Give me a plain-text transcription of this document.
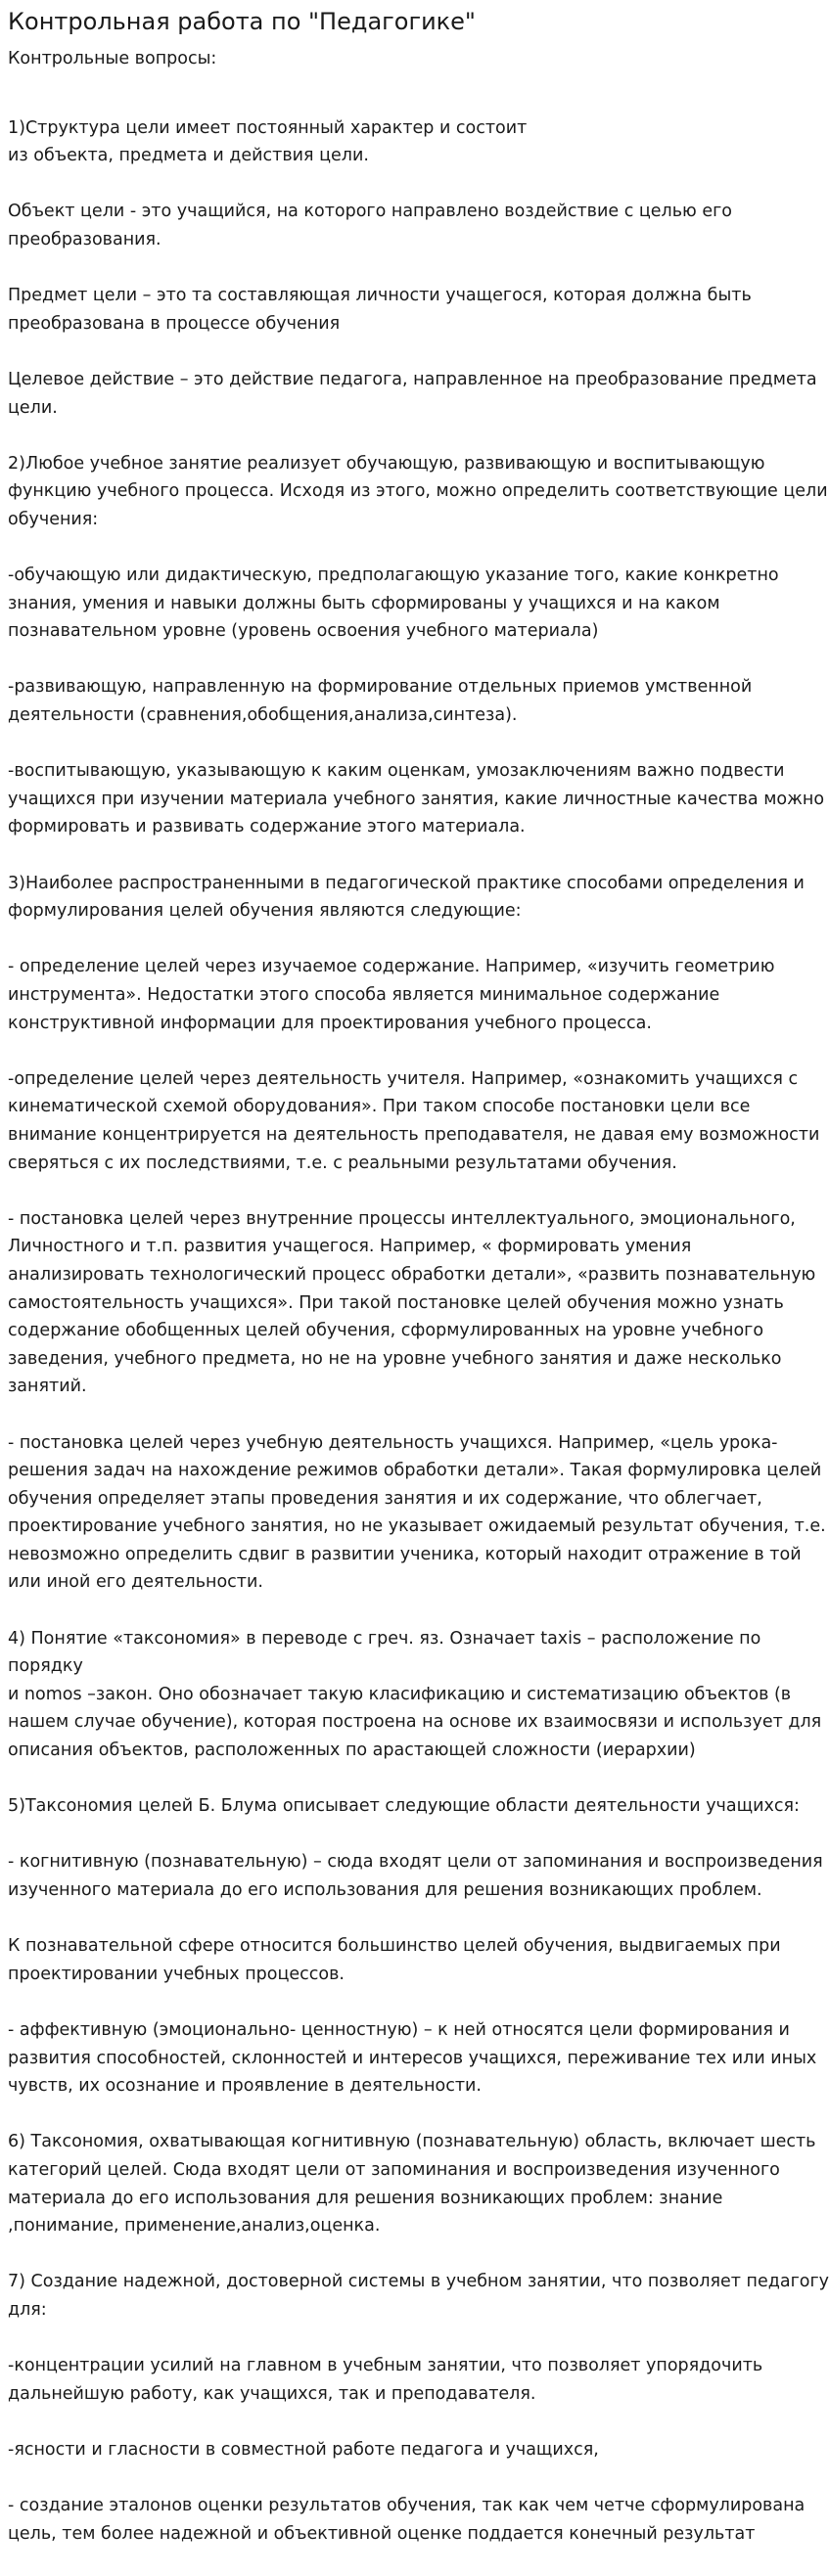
Контрольная работа по "Педагогике"
Контрольные вопросы:

1)Структура цели имеет постоянный характер и состоит
из объекта, предмета и действия цели.

Объект цели - это учащийся, на которого направлено воздействие с целью его преобразования.

Предмет цели – это та составляющая личности учащегося, которая должна быть преобразована в процессе обучения

Целевое действие – это действие педагога, направленное на преобразование предмета цели.

2)Любое учебное занятие реализует обучающую, развивающую и воспитывающую функцию учебного процесса. Исходя из этого, можно определить соответствующие цели обучения:

-обучающую или дидактическую, предполагающую указание того, какие конкретно знания, умения и навыки должны быть сформированы у учащихся и на каком познавательном уровне (уровень освоения учебного материала)

-развивающую, направленную на формирование отдельных приемов умственной деятельности (сравнения,обобщения,анализа,синтеза).

-воспитывающую, указывающую к каким оценкам, умозаключениям важно подвести учащихся при изучении материала учебного занятия, какие личностные качества можно формировать и развивать содержание этого материала.

3)Наиболее распространенными в педагогической практике способами определения и формулирования целей обучения являются следующие:

- определение целей через изучаемое содержание. Например, «изучить геометрию инструмента». Недостатки этого способа является минимальное содержание конструктивной информации для проектирования учебного процесса.

-определение целей через деятельность учителя. Например, «ознакомить учащихся с кинематической схемой оборудования». При таком способе постановки цели все внимание концентрируется на деятельность преподавателя, не давая ему возможности сверяться с их последствиями, т.е. с реальными результатами обучения.

- постановка целей через внутренние процессы интеллектуального, эмоционального,
Личностного и т.п. развития учащегося. Например, « формировать умения анализировать технологический процесс обработки детали», «развить познавательную самостоятельность учащихся». При такой постановке целей обучения можно узнать содержание обобщенных целей обучения, сформулированных на уровне учебного заведения, учебного предмета, но не на уровне учебного занятия и даже несколько занятий.

- постановка целей через учебную деятельность учащихся. Например, «цель урока-решения задач на нахождение режимов обработки детали». Такая формулировка целей обучения определяет этапы проведения занятия и их содержание, что облегчает, проектирование учебного занятия, но не указывает ожидаемый результат обучения, т.е. невозможно определить сдвиг в развитии ученика, который находит отражение в той или иной его деятельности.

4) Понятие «таксономия» в переводе с греч. яз. Означает taxis – расположение по порядку
и nomos –закон. Оно обозначает такую класификацию и систематизацию объектов (в нашем случае обучение), которая построена на основе их взаимосвязи и использует для описания объектов, расположенных по арастающей сложности (иерархии)

5)Таксономия целей Б. Блума описывает следующие области деятельности учащихся:

- когнитивную (познавательную) – сюда входят цели от запоминания и воспроизведения изученного материала до его использования для решения возникающих проблем.

К познавательной сфере относится большинство целей обучения, выдвигаемых при проектировании учебных процессов.

- аффективную (эмоционально- ценностную) – к ней относятся цели формирования и развития способностей, склонностей и интересов учащихся, переживание тех или иных чувств, их осознание и проявление в деятельности.

6) Таксономия, охватывающая когнитивную (познавательную) область, включает шесть категорий целей. Сюда входят цели от запоминания и воспроизведения изученного материала до его использования для решения возникающих проблем: знание ,понимание, применение,анализ,оценка.

7) Создание надежной, достоверной системы в учебном занятии, что позволяет педагогу для:

-концентрации усилий на главном в учебным занятии, что позволяет упорядочить дальнейшую работу, как учащихся, так и преподавателя.

-ясности и гласности в совместной работе педагога и учащихся,

- создание эталонов оценки результатов обучения, так как чем четче сформулирована цель, тем более надежной и объективной оценке поддается конечный результат
